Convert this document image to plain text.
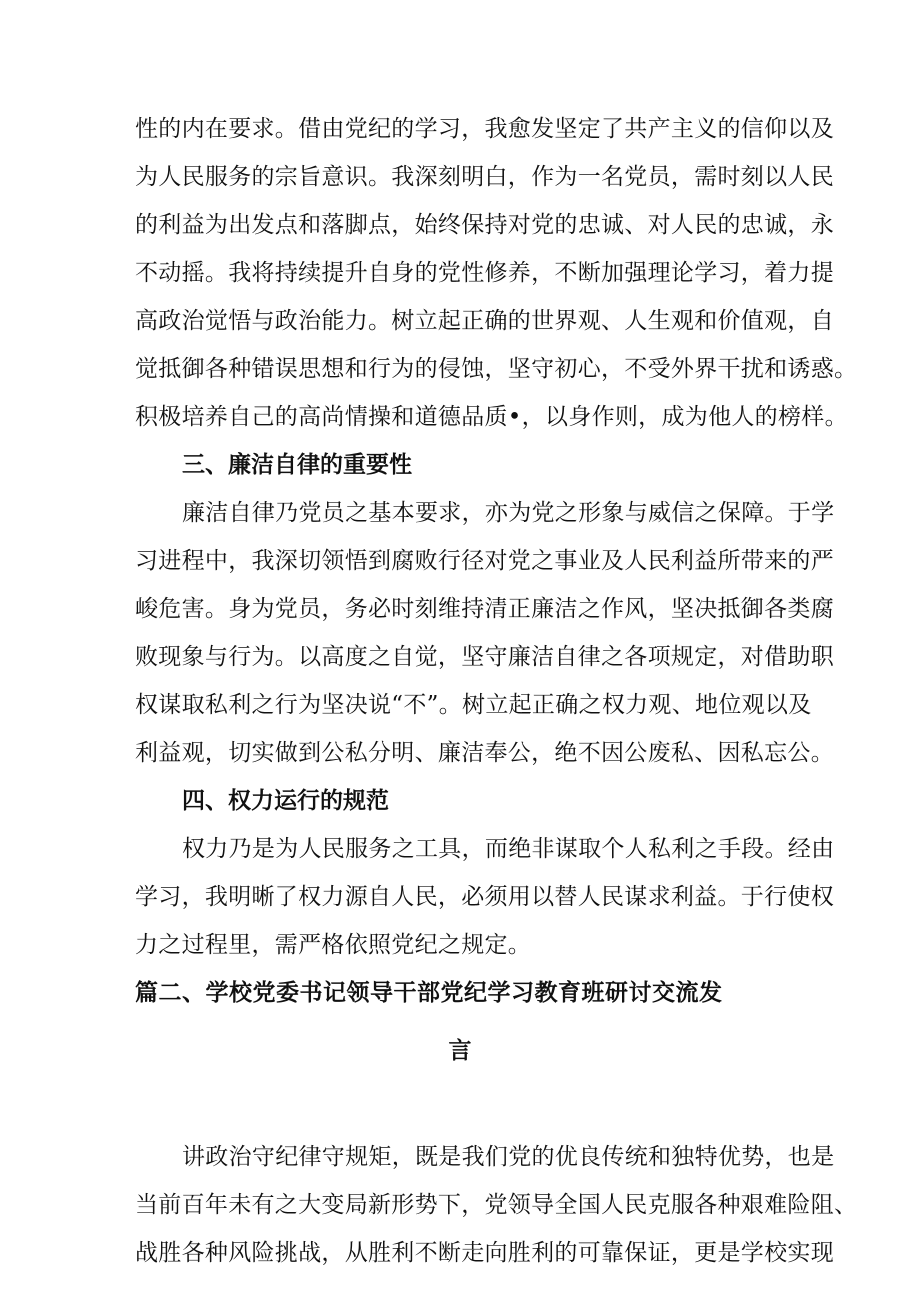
性的内在要求。借由党纪的学习，我愈发坚定了共产主义的信仰以及
为人民服务的宗旨意识。我深刻明白，作为一名党员，需时刻以人民
的利益为出发点和落脚点，始终保持对党的忠诚、对人民的忠诚，永
不动摇。我将持续提升自身的党性修养，不断加强理论学习，着力提
高政治觉悟与政治能力。树立起正确的世界观、人生观和价值观，自
觉抵御各种错误思想和行为的侵蚀，坚守初心，不受外界干扰和诱惑。
积极培养自己的高尚情操和道德品质•，以身作则，成为他人的榜样。
三、廉洁自律的重要性
廉洁自律乃党员之基本要求，亦为党之形象与威信之保障。于学
习进程中，我深切领悟到腐败行径对党之事业及人民利益所带来的严
峻危害。身为党员，务必时刻维持清正廉洁之作风，坚决抵御各类腐
败现象与行为。以高度之自觉，坚守廉洁自律之各项规定，对借助职
权谋取私利之行为坚决说“不”。树立起正确之权力观、地位观以及
利益观，切实做到公私分明、廉洁奉公，绝不因公废私、因私忘公。
四、权力运行的规范
权力乃是为人民服务之工具，而绝非谋取个人私利之手段。经由
学习，我明晰了权力源自人民，必须用以替人民谋求利益。于行使权
力之过程里，需严格依照党纪之规定。
篇二、学校党委书记领导干部党纪学习教育班研讨交流发
言
讲政治守纪律守规矩，既是我们党的优良传统和独特优势，也是
当前百年未有之大变局新形势下，党领导全国人民克服各种艰难险阻、
战胜各种风险挑战，从胜利不断走向胜利的可靠保证，更是学校实现
